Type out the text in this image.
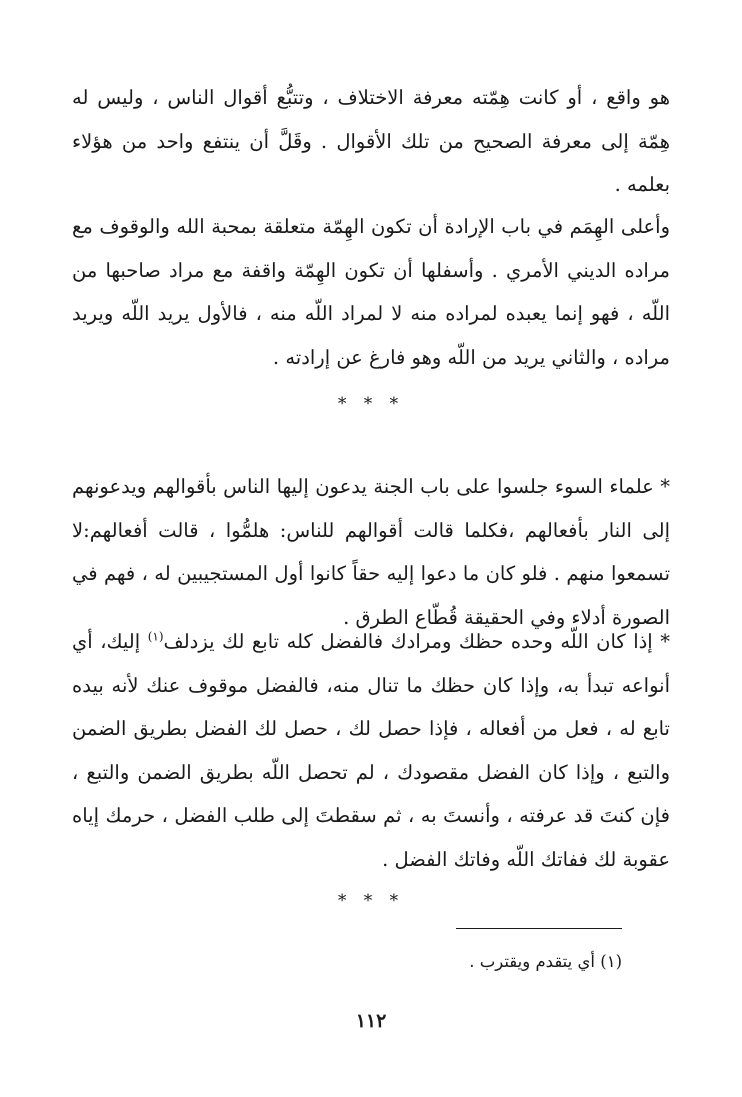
هو واقع ، أو كانت هِمّته معرفة الاختلاف ، وتتبُّع أقوال الناس ، وليس له هِمّة إلى معرفة الصحيح من تلك الأقوال . وقَلَّ أن ينتفع واحد من هؤلاء بعلمه .

وأعلى الهِمَم في باب الإرادة أن تكون الهِمّة متعلقة بمحبة الله والوقوف مع مراده الديني الأمري . وأسفلها أن تكون الهِمّة واقفة مع مراد صاحبها من اللّه ، فهو إنما يعبده لمراده منه لا لمراد اللّه منه ، فالأول يريد اللّه ويريد مراده ، والثاني يريد من اللّه وهو فارغ عن إرادته .

* * *

* علماء السوء جلسوا على باب الجنة يدعون إليها الناس بأقوالهم ويدعونهم إلى النار بأفعالهم ،فكلما قالت أقوالهم للناس: هلمُّوا ، قالت أفعالهم:لا تسمعوا منهم . فلو كان ما دعوا إليه حقاً كانوا أول المستجيبين له ، فهم في الصورة أدلاء وفي الحقيقة قُطّاع الطرق .

* إذا كان اللّه وحده حظك ومرادك فالفضل كله تابع لك يزدلف$^{(١)}$ إليك، أي أنواعه تبدأ به، وإذا كان حظك ما تنال منه، فالفضل موقوف عنك لأنه بيده تابع له ، فعل من أفعاله ، فإذا حصل لك ، حصل لك الفضل بطريق الضمن والتبع ، وإذا كان الفضل مقصودك ، لم تحصل اللّه بطريق الضمن والتبع ، فإن كنتَ قد عرفته ، وأنستَ به ، ثم سقطتَ إلى طلب الفضل ، حرمك إياه عقوبة لك ففاتك اللّه وفاتك الفضل .

* * *

(١) أي يتقدم ويقترب .

١١٢
